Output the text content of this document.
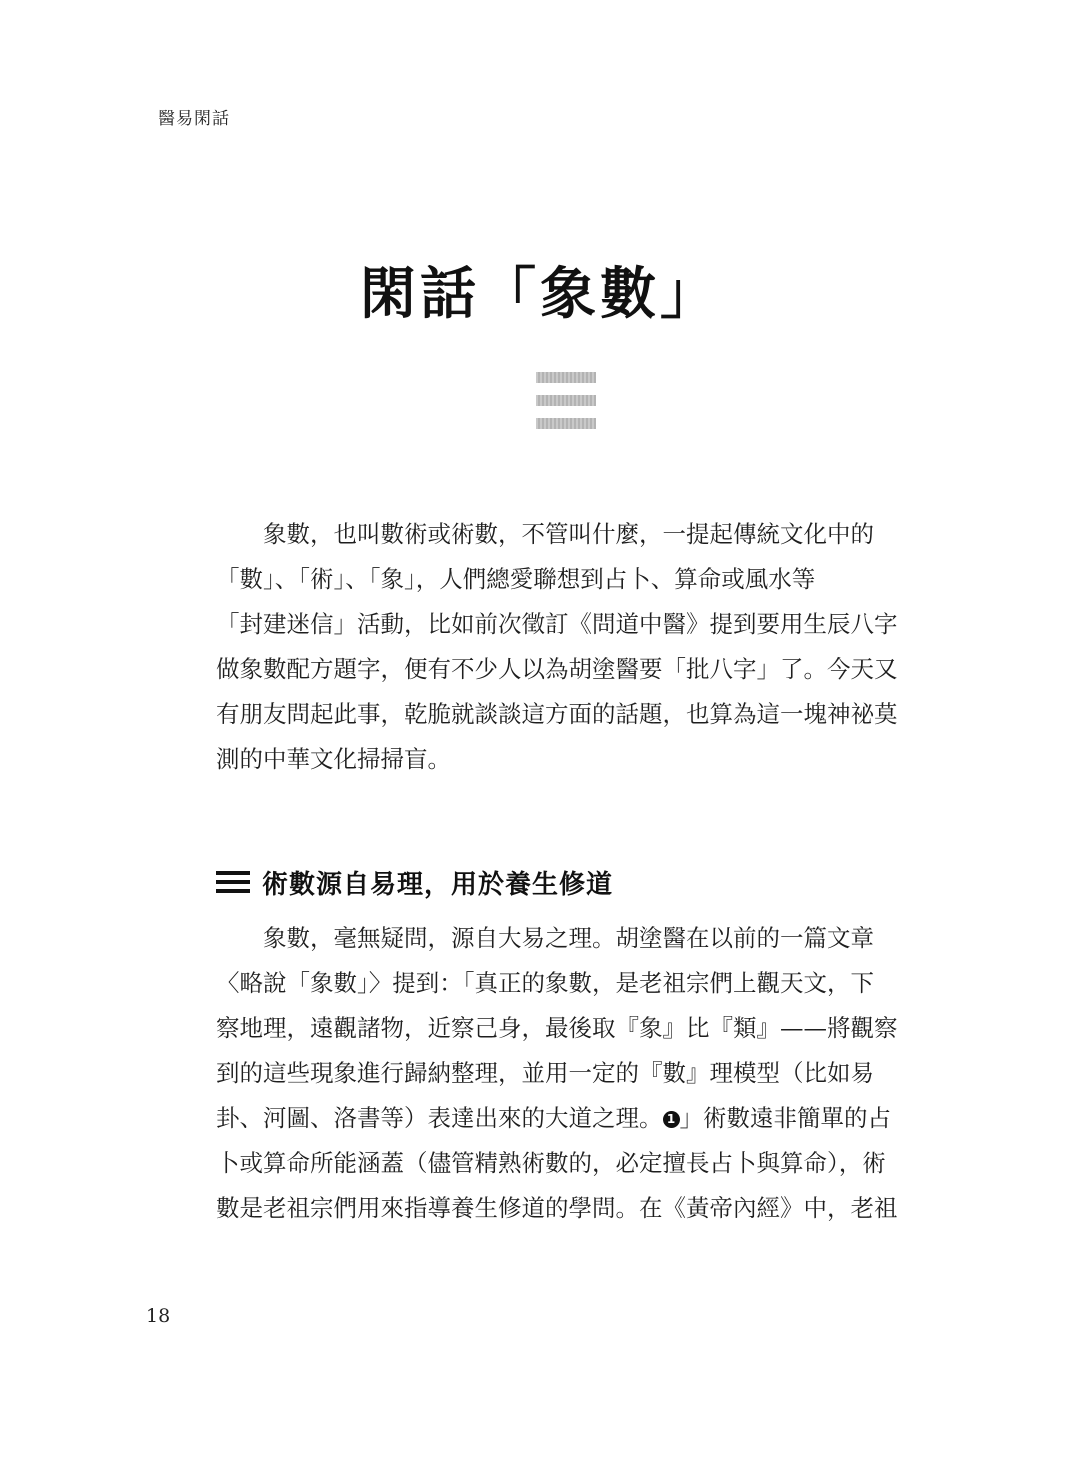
醫易閑話
閑話「象數」

象數，也叫數術或術數，不管叫什麼，一提起傳統文化中的
「數」、「術」、「象」，人們總愛聯想到占卜、算命或風水等
「封建迷信」活動，比如前次徵訂《問道中醫》提到要用生辰八字
做象數配方題字，便有不少人以為胡塗醫要「批八字」了。今天又
有朋友問起此事，乾脆就談談這方面的話題，也算為這一塊神祕莫
測的中華文化掃掃盲。

術數源自易理，用於養生修道

象數，毫無疑問，源自大易之理。胡塗醫在以前的一篇文章
〈略說「象數」〉提到：「真正的象數，是老祖宗們上觀天文，下
察地理，遠觀諸物，近察己身，最後取『象』比『類』——將觀察
到的這些現象進行歸納整理，並用一定的『數』理模型（比如易
卦、河圖、洛書等）表達出來的大道之理。 1 」術數遠非簡單的占
卜或算命所能涵蓋（儘管精熟術數的，必定擅長占卜與算命），術
數是老祖宗們用來指導養生修道的學問。在《黃帝內經》中，老祖

18
